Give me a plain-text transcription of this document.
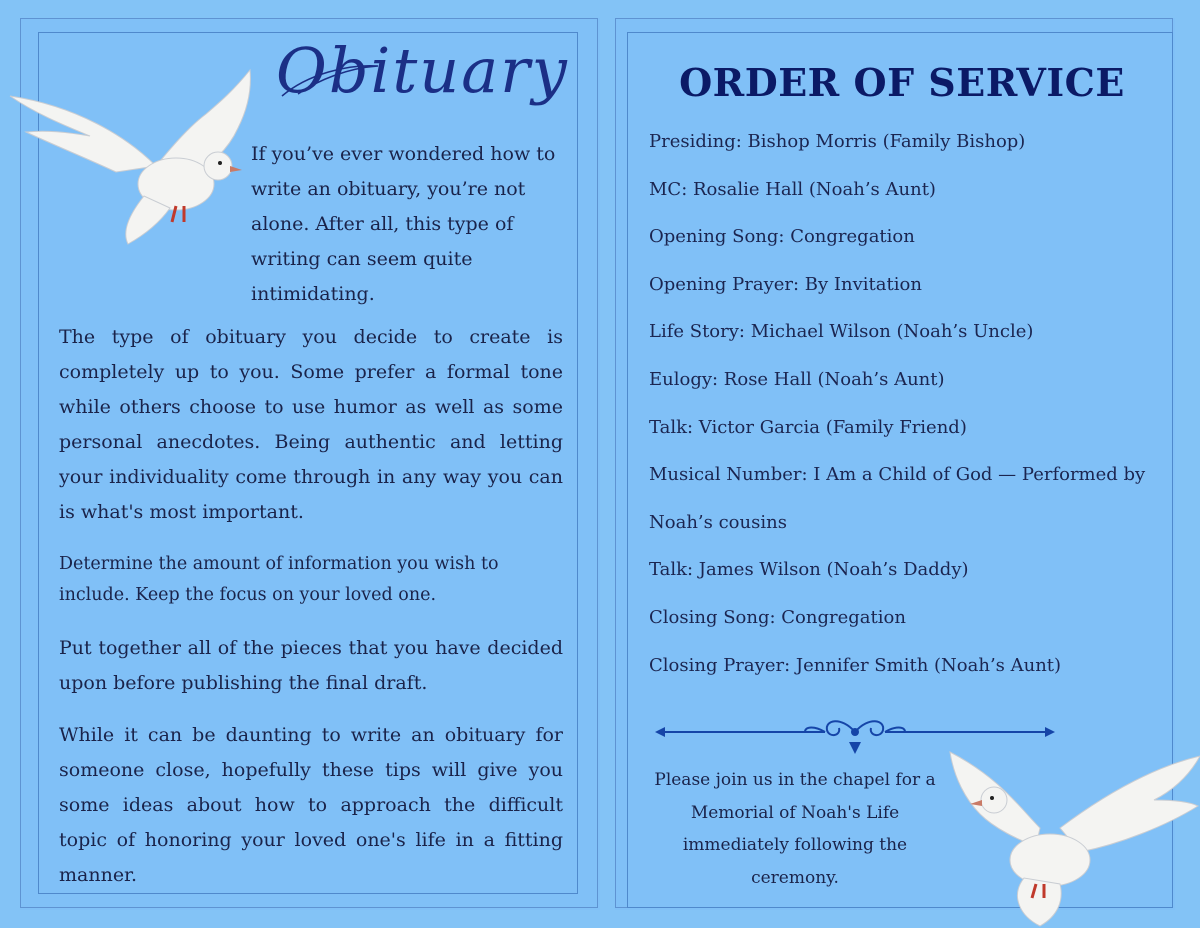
Obituary

If you’ve ever wondered how to write an obituary, you’re not alone. After all, this type of writing can seem quite intimidating.

The type of obituary you decide to create is completely up to you. Some prefer a formal tone while others choose to use humor as well as some personal anecdotes. Being authentic and letting your individuality come through in any way you can is what's most important.

Determine the amount of information you wish to include. Keep the focus on your loved one.

Put together all of the pieces that you have decided upon before publishing the final draft.

While it can be daunting to write an obituary for someone close, hopefully these tips will give you some ideas about how to approach the difficult topic of honoring your loved one's life in a fitting manner.

ORDER OF SERVICE
Presiding: Bishop Morris (Family Bishop)
MC: Rosalie Hall (Noah’s Aunt)
Opening Song: Congregation
Opening Prayer: By Invitation
Life Story: Michael Wilson (Noah’s Uncle)
Eulogy: Rose Hall (Noah’s Aunt)
Talk: Victor Garcia (Family Friend)
Musical Number: I Am a Child of God — Performed by
Noah’s cousins
Talk: James Wilson (Noah’s Daddy)
Closing Song: Congregation
Closing Prayer: Jennifer Smith (Noah’s Aunt)

Please join us in the chapel for a Memorial of Noah's Life immediately following the ceremony.
